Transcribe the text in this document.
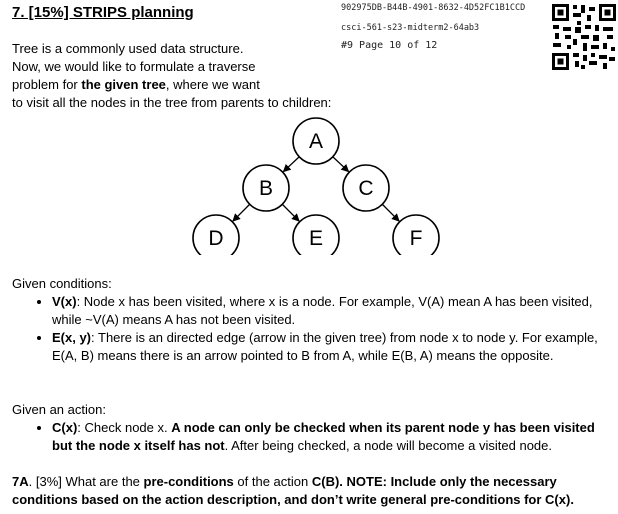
7. [15%] STRIPS planning	902975DB-B44B-4901-8632-4D52FC1B1CCD
csci-561-s23-midterm2-64ab3
#9 Page 10 of 12
Tree is a commonly used data structure.
Now, we would like to formulate a traverse
problem for the given tree, where we want
to visit all the nodes in the tree from parents to children:
A
B	C
D	E	F
Given conditions:
• V(x): Node x has been visited, where x is a node. For example, V(A) mean A has been visited, while ~V(A) means A has not been visited.
• E(x, y): There is an directed edge (arrow in the given tree) from node x to node y. For example, E(A, B) means there is an arrow pointed to B from A, while E(B, A) means the opposite.
Given an action:
• C(x): Check node x. A node can only be checked when its parent node y has been visited but the node x itself has not. After being checked, a node will become a visited node.
7A. [3%] What are the pre-conditions of the action C(B). NOTE: Include only the necessary conditions based on the action description, and don’t write general pre-conditions for C(x).
